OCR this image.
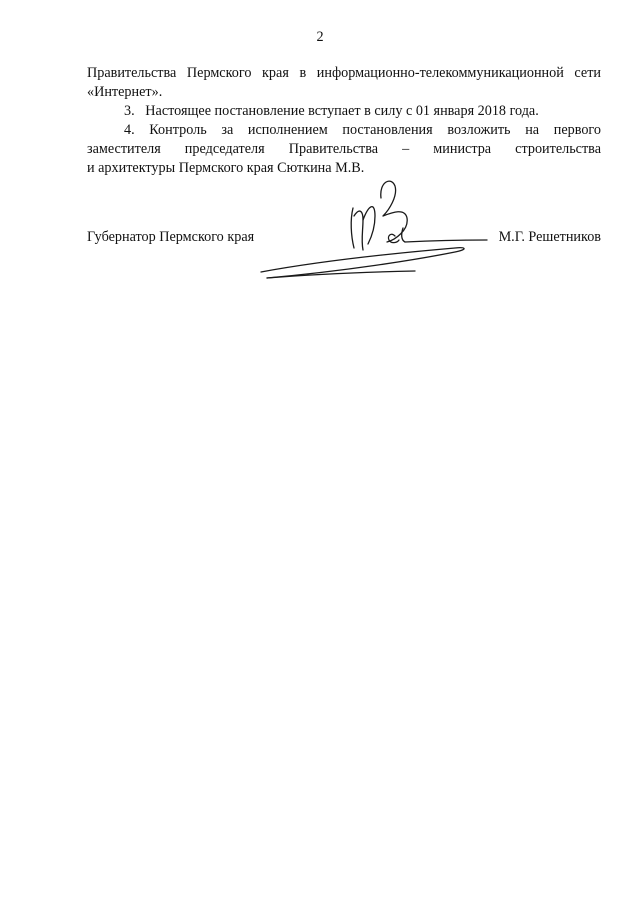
2

Правительства Пермского края в информационно-телекоммуникационной сети

«Интернет».

3.   Настоящее постановление вступает в силу с 01 января 2018 года.

4. Контроль за исполнением постановления возложить на первого

заместителя председателя Правительства – министра строительства

и архитектуры Пермского края Сюткина М.В.

Губернатор Пермского края	М.Г. Решетников
